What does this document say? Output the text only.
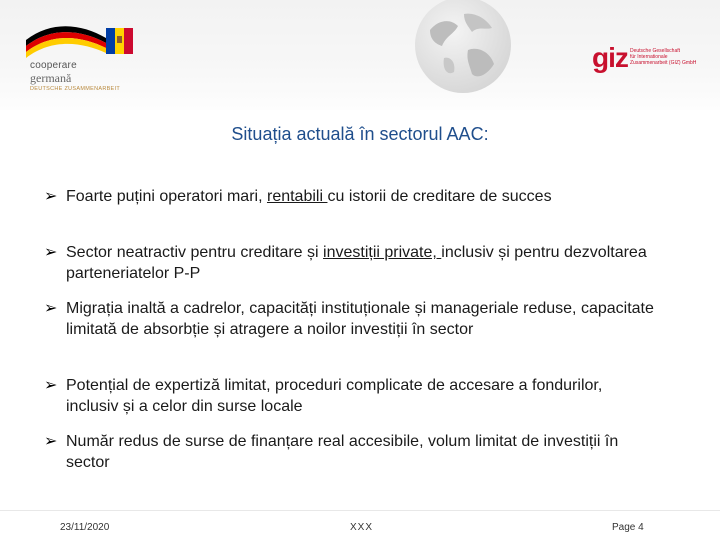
cooperare
germană
DEUTSCHE ZUSAMMENARBEIT
giz Deutsche Gesellschaft
für Internationale
Zusammenarbeit (GIZ) GmbH
Situația actuală în sectorul AAC:
➢ Foarte puțini operatori mari, rentabili cu istorii de creditare de succes
➢ Sector neatractiv pentru creditare și investiții private, inclusiv și pentru dezvoltarea parteneriatelor P-P
➢ Migrația inaltă a cadrelor, capacități instituționale și manageriale reduse, capacitate limitată de absorbție și atragere a noilor investiții în sector
➢ Potențial de expertiză limitat, proceduri complicate de accesare a fondurilor, inclusiv și a celor din surse locale
➢ Număr redus de surse de finanțare real accesibile, volum limitat de investiții în sector
23/11/2020	XXX	Page 4
